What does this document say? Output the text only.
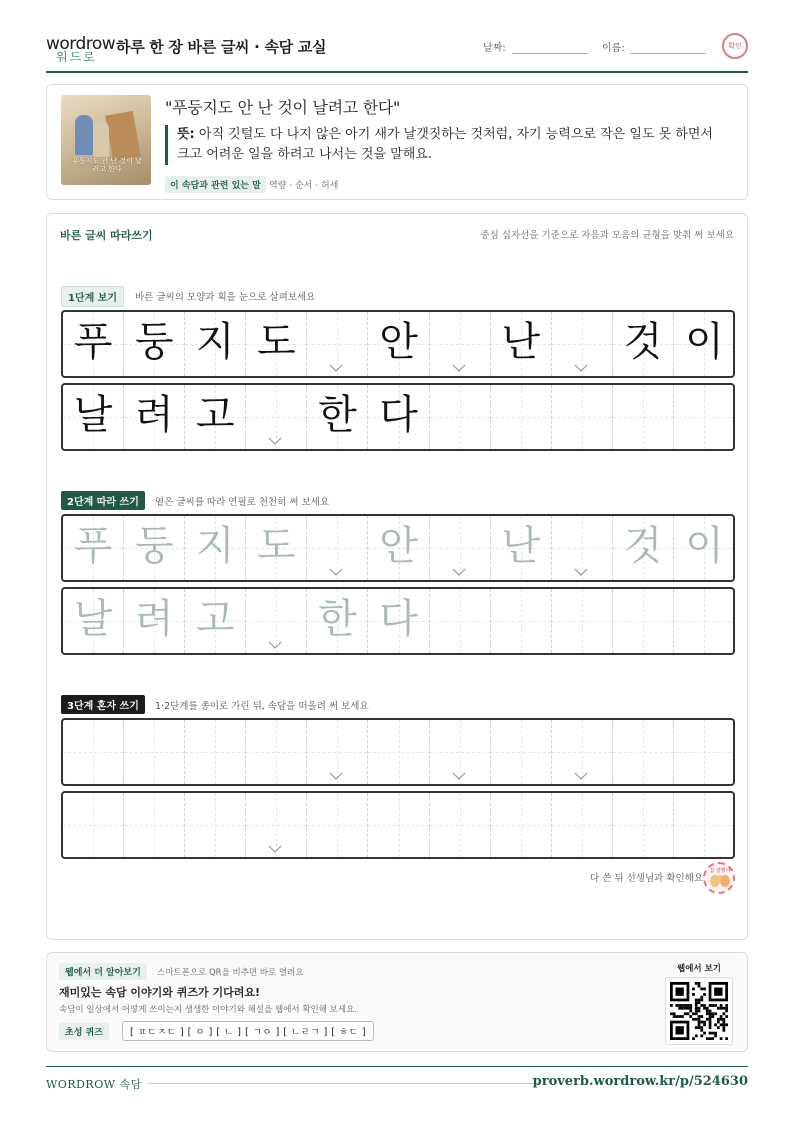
wordrow
워드로
하루 한 장 바른 글씨 · 속담 교실	날짜:	이름:	확인
푸둥지도 안 난 것이 날려고 한다
"푸둥지도 안 난 것이 날려고 한다"
뜻: 아직 깃털도 다 나지 않은 아기 새가 날갯짓하는 것처럼, 자기 능력으로 작은 일도 못 하면서
크고 어려운 일을 하려고 나서는 것을 말해요.
이 속담과 관련 있는 말 역량 · 순서 · 허세
바른 글씨 따라쓰기	중심 십자선을 기준으로 자음과 모음의 균형을 맞춰 써 보세요
1단계 보기	바른 글씨의 모양과 획을 눈으로 살펴보세요
푸 둥 지 도 안 난 것 이
날 려 고 한 다
2단계 따라 쓰기	옅은 글씨를 따라 연필로 천천히 써 보세요
푸 둥 지 도 안 난 것 이
날 려 고 한 다
3단계 혼자 쓰기	1·2단계를 종이로 가린 뒤, 속담을 떠올려 써 보세요
다 쓴 뒤 선생님과 확인해요
참 잘했어
웹에서 더 알아보기	스마트폰으로 QR을 비추면 바로 열려요
재미있는 속담 이야기와 퀴즈가 기다려요!
속담이 일상에서 어떻게 쓰이는지 생생한 이야기와 해설을 웹에서 확인해 보세요.
초성 퀴즈	[ ㅍㄷㅈㄷ ] [ ㅇ ] [ ㄴ ] [ ㄱㅇ ] [ ㄴㄹㄱ ] [ ㅎㄷ ]
웹에서 보기
WORDROW 속담	proverb.wordrow.kr/p/524630
